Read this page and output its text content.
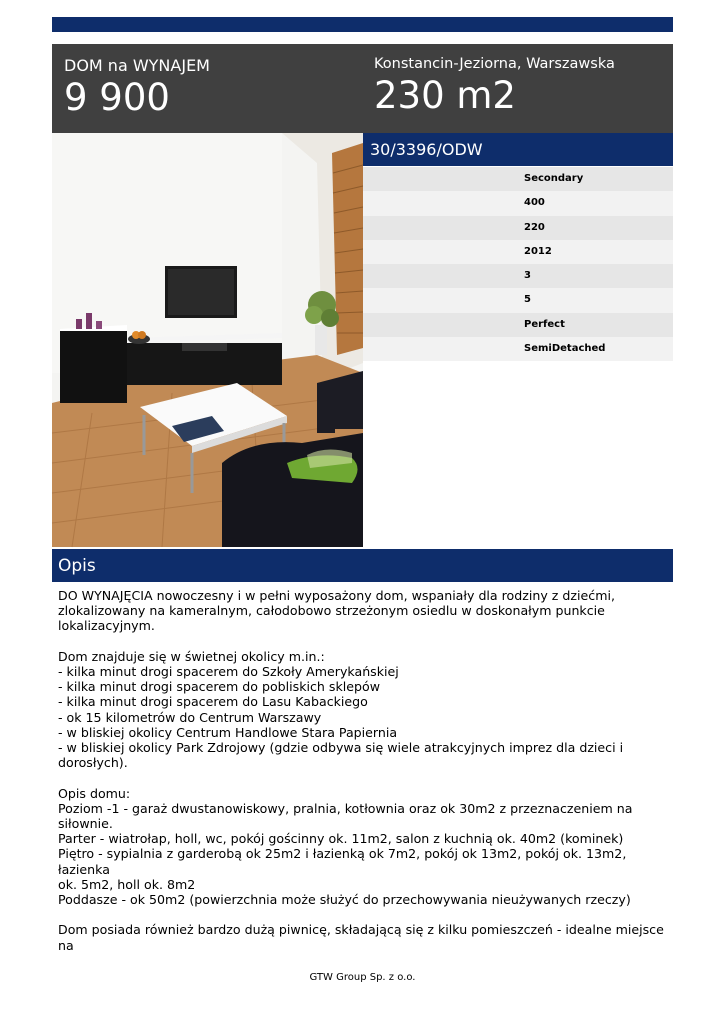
DOM na WYNAJEM
9 900
Konstancin-Jeziorna, Warszawska
230 m2
30/3396/ODW
Secondary
400
220
2012
3
5
Perfect
SemiDetached
Opis

DO WYNAJĘCIA nowoczesny i w pełni wyposażony dom, wspaniały dla rodziny z dziećmi,

zlokalizowany na kameralnym, całodobowo strzeżonym osiedlu w doskonałym punkcie

lokalizacyjnym.

Dom znajduje się w świetnej okolicy m.in.:

- kilka minut drogi spacerem do Szkoły Amerykańskiej

- kilka minut drogi spacerem do pobliskich sklepów

- kilka minut drogi spacerem do Lasu Kabackiego

- ok 15 kilometrów do Centrum Warszawy

- w bliskiej okolicy Centrum Handlowe Stara Papiernia

- w bliskiej okolicy Park Zdrojowy (gdzie odbywa się wiele atrakcyjnych imprez dla dzieci i

dorosłych).

Opis domu:

Poziom -1 - garaż dwustanowiskowy, pralnia, kotłownia oraz ok 30m2 z przeznaczeniem na

siłownie.

Parter - wiatrołap, holl, wc, pokój gościnny ok. 11m2, salon z kuchnią ok. 40m2 (kominek)

Piętro - sypialnia z garderobą ok 25m2 i łazienką ok 7m2, pokój ok 13m2, pokój ok. 13m2, łazienka

ok. 5m2, holl ok. 8m2

Poddasze - ok 50m2 (powierzchnia może służyć do przechowywania nieużywanych rzeczy)

Dom posiada również bardzo dużą piwnicę, składającą się z kilku pomieszczeń - idealne miejsce na

GTW Group Sp. z o.o.
